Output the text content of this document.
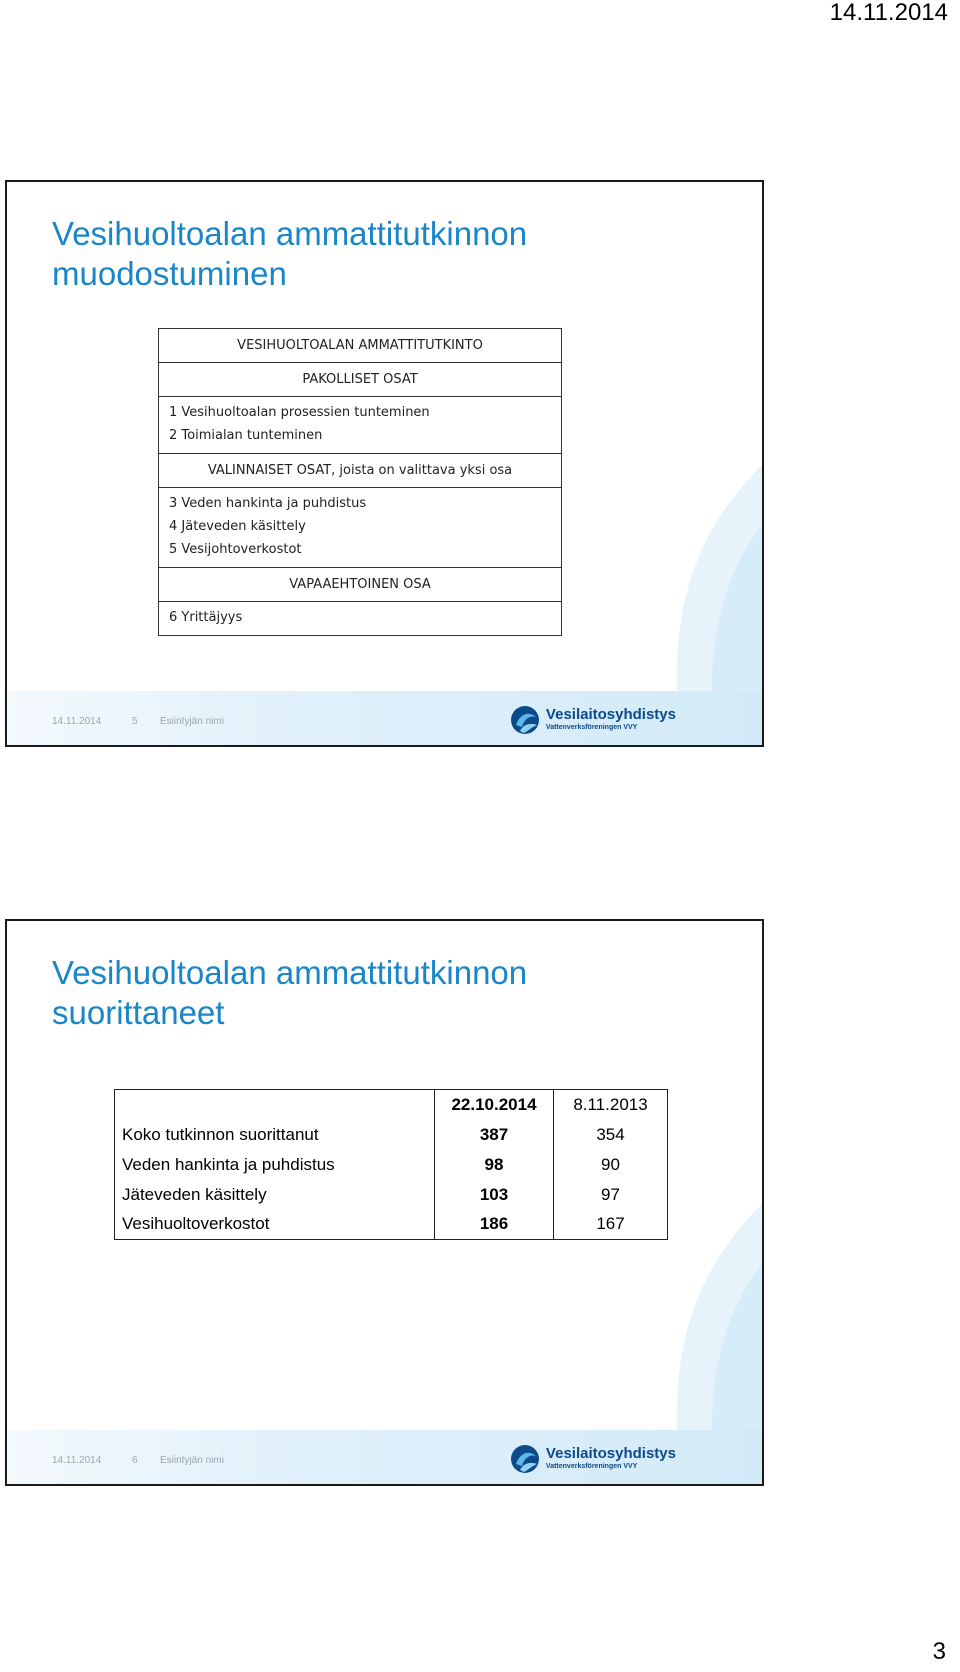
14.11.2014
Vesihuoltoalan ammattitutkinnon
muodostuminen
VESIHUOLTOALAN AMMATTITUTKINTO
PAKOLLISET OSAT
1 Vesihuoltoalan prosessien tunteminen
2 Toimialan tunteminen
VALINNAISET OSAT, joista on valittava yksi osa
3 Veden hankinta ja puhdistus
4 Jäteveden käsittely
5 Vesijohtoverkostot
VAPAAEHTOINEN OSA
6 Yrittäjyys
14.11.2014	5	Esiintyjän nimi	Vesilaitosyhdistys
Vattenverksföreningen VVY
Vesihuoltoalan ammattitutkinnon
suorittaneet
	22.10.2014	8.11.2013
Koko tutkinnon suorittanut	387	354
Veden hankinta ja puhdistus	98	90
Jäteveden käsittely	103	97
Vesihuoltoverkostot	186	167
14.11.2014	6	Esiintyjän nimi	Vesilaitosyhdistys
Vattenverksföreningen VVY
3
